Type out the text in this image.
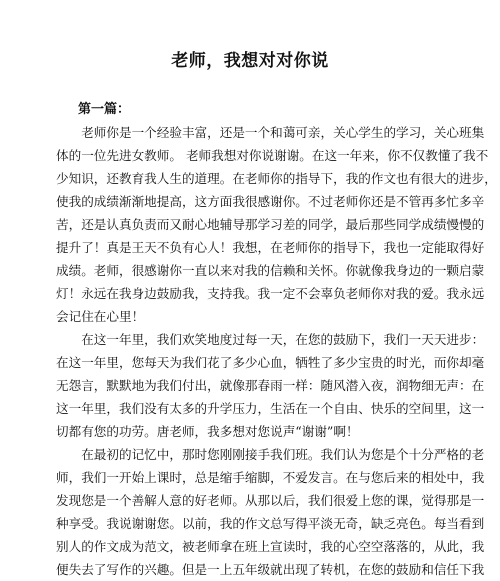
老师，我想对对你说
第一篇：
　　老师你是一个经验丰富，还是一个和蔼可亲，关心学生的学习，关心班集
体的一位先进女教师。 老师我想对你说谢谢。在这一年来，你不仅教懂了我不
少知识，还教育我人生的道理。在老师你的指导下，我的作文也有很大的进步，
使我的成绩渐渐地提高，这方面我很感谢你。不过老师你还是不管再多忙多辛
苦，还是认真负责而又耐心地辅导那学习差的同学，最后那些同学成绩慢慢的
提升了！真是王天不负有心人！我想，在老师你的指导下，我也一定能取得好
成绩。老师，很感谢你一直以来对我的信赖和关怀。你就像我身边的一颗启蒙
灯！永远在我身边鼓励我，支持我。我一定不会辜负老师你对我的爱。我永远
会记住在心里！
　　在这一年里，我们欢笑地度过每一天，在您的鼓励下，我们一天天进步：
在这一年里，您每天为我们花了多少心血，牺牲了多少宝贵的时光，而你却毫
无怨言，默默地为我们付出，就像那春雨一样：随风潜入夜，润物细无声：在
这一年里，我们没有太多的升学压力，生活在一个自由、快乐的空间里，这一
切都有您的功劳。唐老师，我多想对您说声“谢谢”啊！
　　在最初的记忆中，那时您刚刚接手我们班。我们认为您是个十分严格的老
师，我们一开始上课时，总是缩手缩脚，不爱发言。在与您后来的相处中，我
发现您是一个善解人意的好老师。从那以后，我们很爱上您的课，觉得那是一
种享受。我说谢谢您。以前，我的作文总写得平淡无奇，缺乏亮色。每当看到
别人的作文成为范文，被老师拿在班上宣读时，我的心空空落落的，从此，我
便失去了写作的兴趣。但是一上五年级就出现了转机，在您的鼓励和信任下我
